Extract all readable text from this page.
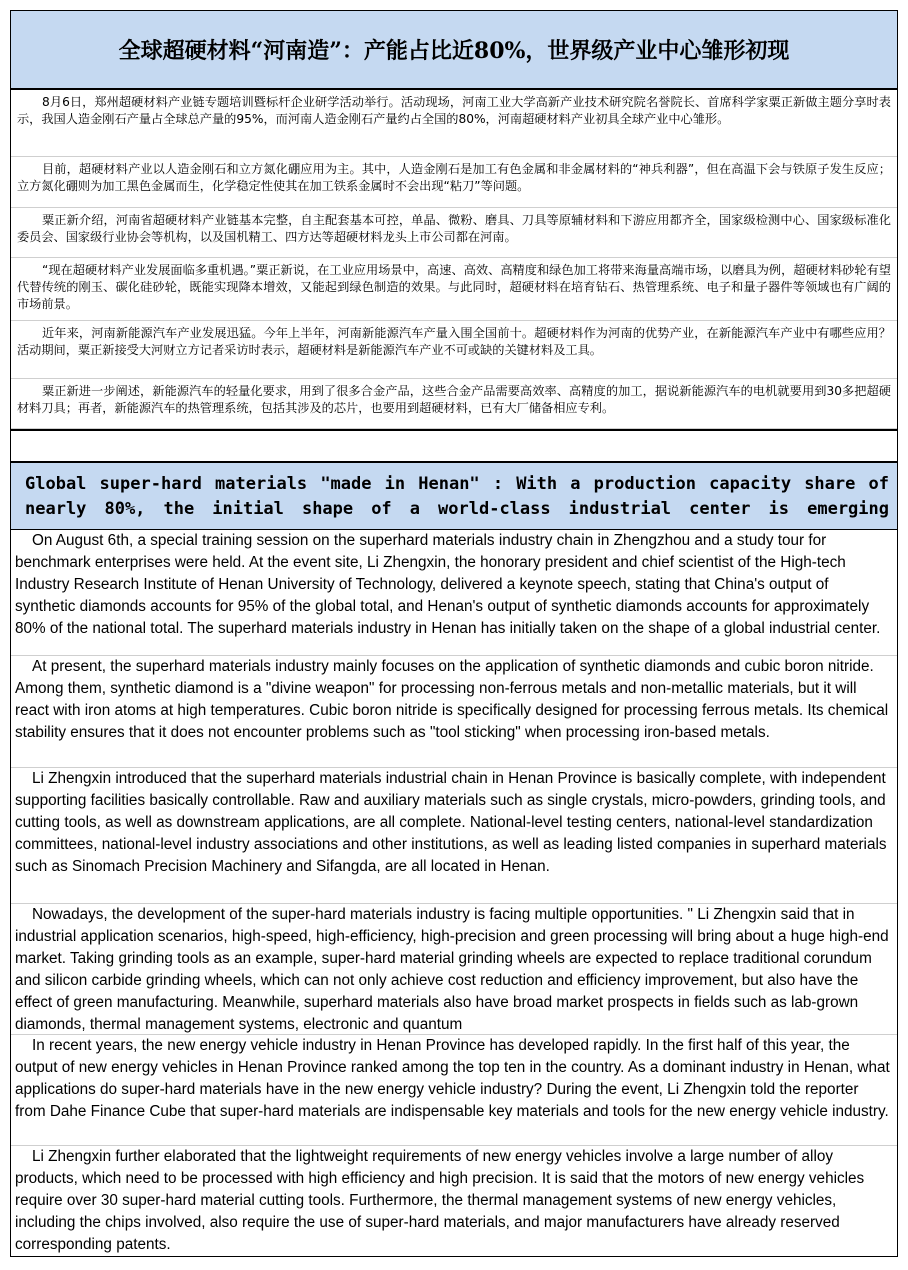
全球超硬材料“河南造”：产能占比近80%，世界级产业中心雏形初现
8月6日，郑州超硬材料产业链专题培训暨标杆企业研学活动举行。活动现场，河南工业大学高新产业技术研究院名誉院长、首席科学家粟正新做主题分享时表示，我国人造金刚石产量占全球总产量的95%，而河南人造金刚石产量约占全国的80%，河南超硬材料产业初具全球产业中心雏形。
目前，超硬材料产业以人造金刚石和立方氮化硼应用为主。其中，人造金刚石是加工有色金属和非金属材料的“神兵利器”，但在高温下会与铁原子发生反应；立方氮化硼则为加工黑色金属而生，化学稳定性使其在加工铁系金属时不会出现“粘刀”等问题。
粟正新介绍，河南省超硬材料产业链基本完整，自主配套基本可控，单晶、微粉、磨具、刀具等原辅材料和下游应用都齐全，国家级检测中心、国家级标准化委员会、国家级行业协会等机构，以及国机精工、四方达等超硬材料龙头上市公司都在河南。
“现在超硬材料产业发展面临多重机遇。”粟正新说，在工业应用场景中，高速、高效、高精度和绿色加工将带来海量高端市场，以磨具为例，超硬材料砂轮有望代替传统的刚玉、碳化硅砂轮，既能实现降本增效，又能起到绿色制造的效果。与此同时，超硬材料在培育钻石、热管理系统、电子和量子器件等领域也有广阔的市场前景。
近年来，河南新能源汽车产业发展迅猛。今年上半年，河南新能源汽车产量入围全国前十。超硬材料作为河南的优势产业，在新能源汽车产业中有哪些应用？活动期间，粟正新接受大河财立方记者采访时表示，超硬材料是新能源汽车产业不可或缺的关键材料及工具。
粟正新进一步阐述，新能源汽车的轻量化要求，用到了很多合金产品，这些合金产品需要高效率、高精度的加工，据说新能源汽车的电机就要用到30多把超硬材料刀具；再者，新能源汽车的热管理系统，包括其涉及的芯片，也要用到超硬材料，已有大厂储备相应专利。
Global super-hard materials "made in Henan" : With a production capacity share of nearly 80%, the initial shape of a world-class industrial center is emerging
On August 6th, a special training session on the superhard materials industry chain in Zhengzhou and a study tour for benchmark enterprises were held. At the event site, Li Zhengxin, the honorary president and chief scientist of the High-tech Industry Research Institute of Henan University of Technology, delivered a keynote speech, stating that China's output of synthetic diamonds accounts for 95% of the global total, and Henan's output of synthetic diamonds accounts for approximately 80% of the national total. The superhard materials industry in Henan has initially taken on the shape of a global industrial center.
At present, the superhard materials industry mainly focuses on the application of synthetic diamonds and cubic boron nitride. Among them, synthetic diamond is a "divine weapon" for processing non-ferrous metals and non-metallic materials, but it will react with iron atoms at high temperatures. Cubic boron nitride is specifically designed for processing ferrous metals. Its chemical stability ensures that it does not encounter problems such as "tool sticking" when processing iron-based metals.
Li Zhengxin introduced that the superhard materials industrial chain in Henan Province is basically complete, with independent supporting facilities basically controllable. Raw and auxiliary materials such as single crystals, micro-powders, grinding tools, and cutting tools, as well as downstream applications, are all complete. National-level testing centers, national-level standardization committees, national-level industry associations and other institutions, as well as leading listed companies in superhard materials such as Sinomach Precision Machinery and Sifangda, are all located in Henan.
Nowadays, the development of the super-hard materials industry is facing multiple opportunities. " Li Zhengxin said that in industrial application scenarios, high-speed, high-efficiency, high-precision and green processing will bring about a huge high-end market. Taking grinding tools as an example, super-hard material grinding wheels are expected to replace traditional corundum and silicon carbide grinding wheels, which can not only achieve cost reduction and efficiency improvement, but also have the effect of green manufacturing. Meanwhile, superhard materials also have broad market prospects in fields such as lab-grown diamonds, thermal management systems, electronic and quantum
In recent years, the new energy vehicle industry in Henan Province has developed rapidly. In the first half of this year, the output of new energy vehicles in Henan Province ranked among the top ten in the country. As a dominant industry in Henan, what applications do super-hard materials have in the new energy vehicle industry? During the event, Li Zhengxin told the reporter from Dahe Finance Cube that super-hard materials are indispensable key materials and tools for the new energy vehicle industry.
Li Zhengxin further elaborated that the lightweight requirements of new energy vehicles involve a large number of alloy products, which need to be processed with high efficiency and high precision. It is said that the motors of new energy vehicles require over 30 super-hard material cutting tools. Furthermore, the thermal management systems of new energy vehicles, including the chips involved, also require the use of super-hard materials, and major manufacturers have already reserved corresponding patents.
